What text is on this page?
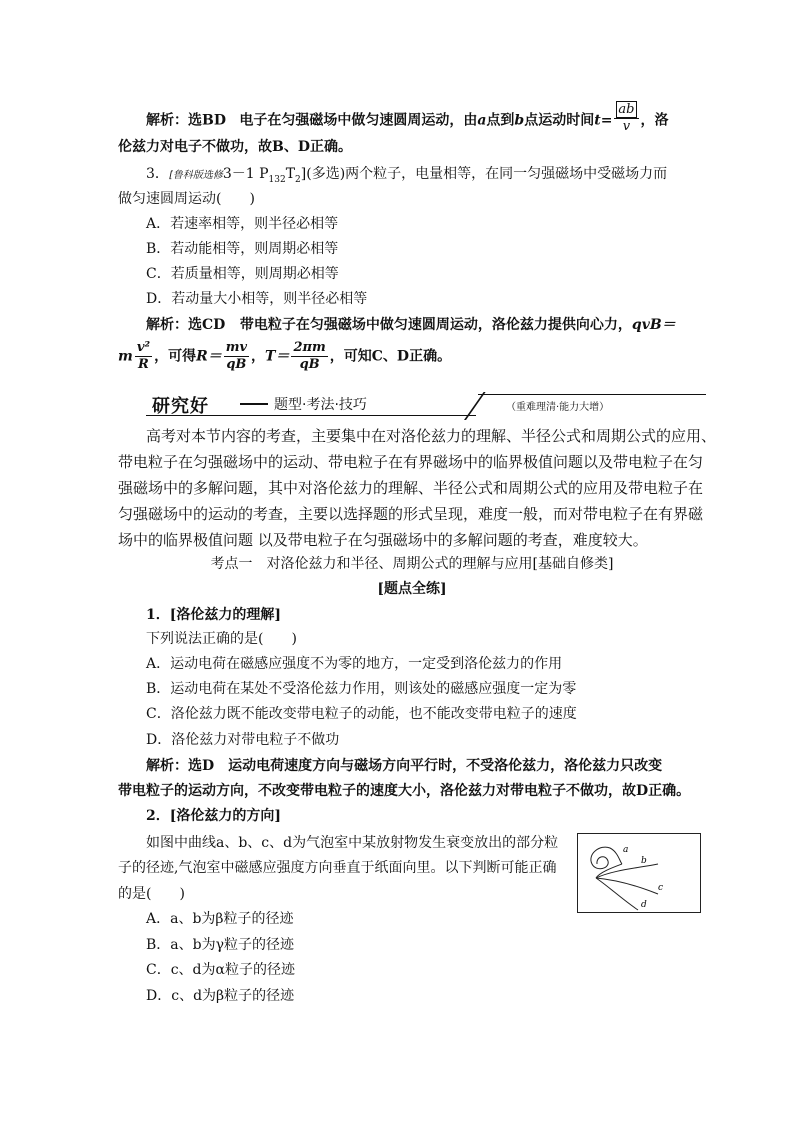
解析：选BD 电子在匀强磁场中做匀速圆周运动，由a点到b点运动时间$t= \frac{ab}{v}$ ，洛
伦兹力对电子不做功，故B、D正确。
3．[鲁科版选修3－1 $P_{132}T_2$](多选)两个粒子，电量相等，在同一匀强磁场中受磁场力而
做匀速圆周运动(　　)
A．若速率相等，则半径必相等
B．若动能相等，则周期必相等
C．若质量相等，则周期必相等
D．若动量大小相等，则半径必相等
解析：选CD 带电粒子在匀强磁场中做匀速圆周运动，洛伦兹力提供向心力，qvB＝
m $\frac{\text{v²}}{R}$ ，可得$R= \frac{mv}{qB}$ ，$T= \frac{2\pi m}{qB}$ ，可知C、D正确。
研究好	题型·考法·技巧	（重难理清·能力大增）
高考对本节内容的考查，主要集中在对洛伦兹力的理解、半径公式和周期公式的应用、
带电粒子在匀强磁场中的运动、带电粒子在有界磁场中的临界极值问题以及带电粒子在匀
强磁场中的多解问题，其中对洛伦兹力的理解、半径公式和周期公式的应用及带电粒子在
匀强磁场中的运动的考查，主要以选择题的形式呈现，难度一般，而对带电粒子在有界磁
场中的临界极值问题 以及带电粒子在匀强磁场中的多解问题的考查，难度较大。
考点一　对洛伦兹力和半径、周期公式的理解与应用[基础自修类]
[题点全练]
1．[洛伦兹力的理解]
下列说法正确的是(　　)
A．运动电荷在磁感应强度不为零的地方，一定受到洛伦兹力的作用
B．运动电荷在某处不受洛伦兹力作用，则该处的磁感应强度一定为零
C．洛伦兹力既不能改变带电粒子的动能，也不能改变带电粒子的速度
D．洛伦兹力对带电粒子不做功
解析：选D　运动电荷速度方向与磁场方向平行时，不受洛伦兹力，洛伦兹力只改变
带电粒子的运动方向，不改变带电粒子的速度大小，洛伦兹力对带电粒子不做功，故D正确。
2．[洛伦兹力的方向]
如图中曲线a、b、c、d为气泡室中某放射物发生衰变放出的部分粒
子的径迹,气泡室中磁感应强度方向垂直于纸面向里。以下判断可能正确
的是(　　)
A．a、b为β粒子的径迹
B．a、b为γ粒子的径迹
C．c、d为α粒子的径迹
D．c、d为β粒子的径迹
a
b
c
d
